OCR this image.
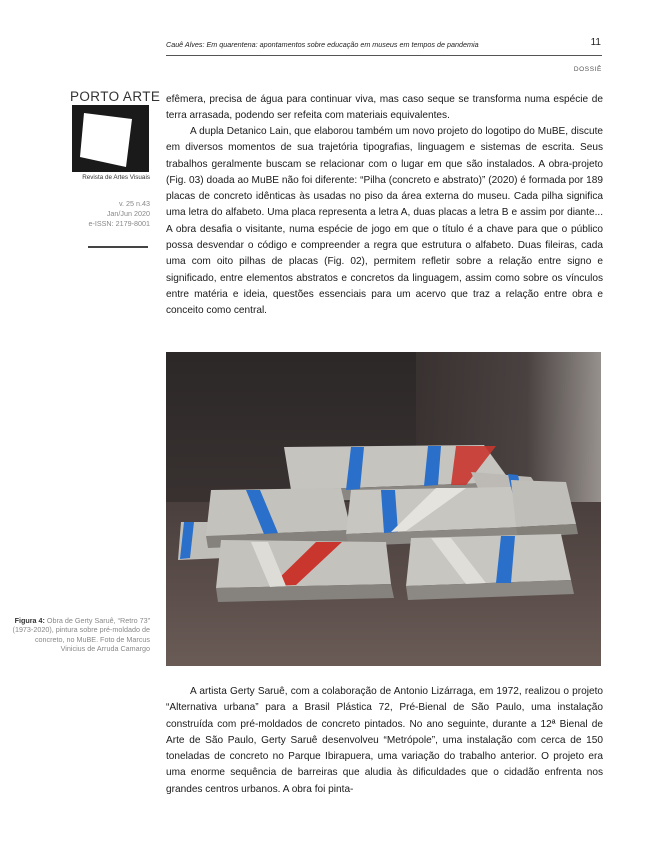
Cauê Alves: Em quarentena: apontamentos sobre educação em museus em tempos de pandemia	11
DOSSIÊ
PORTO ARTE
Revista de Artes Visuais
v. 25 n.43
Jan/Jun 2020
e-ISSN: 2179-8001

efêmera, precisa de água para continuar viva, mas caso seque se transforma numa espécie de terra arrasada, podendo ser refeita com materiais equivalentes.

A dupla Detanico Lain, que elaborou também um novo projeto do logotipo do MuBE, discute em diversos momentos de sua trajetória tipografias, linguagem e sistemas de escrita. Seus trabalhos geralmente buscam se relacionar com o lugar em que são instalados. A obra-projeto (Fig. 03) doada ao MuBE não foi diferente: “Pilha (concreto e abstrato)” (2020) é formada por 189 placas de concreto idênticas às usadas no piso da área externa do museu. Cada pilha significa uma letra do alfabeto. Uma placa representa a letra A, duas placas a letra B e assim por diante... A obra desafia o visitante, numa espécie de jogo em que o título é a chave para que o público possa desvendar o código e compreender a regra que estrutura o alfabeto. Duas fileiras, cada uma com oito pilhas de placas (Fig. 02), permitem refletir sobre a relação entre signo e significado, entre elementos abstratos e concretos da linguagem, assim como sobre os vínculos entre matéria e ideia, questões essenciais para um acervo que traz a relação entre obra e conceito como central.

Figura 4: Obra de Gerty Saruê, “Retro 73” (1973-2020), pintura sobre pré-moldado de concreto, no MuBE. Foto de Marcus Vinicius de Arruda Camargo

A artista Gerty Saruê, com a colaboração de Antonio Lizárraga, em 1972, realizou o projeto “Alternativa urbana” para a Brasil Plástica 72, Pré-Bienal de São Paulo, uma instalação construída com pré-moldados de concreto pintados. No ano seguinte, durante a 12ª Bienal de Arte de São Paulo, Gerty Saruê desenvolveu “Metrópole”, uma instalação com cerca de 150 toneladas de concreto no Parque Ibirapuera, uma variação do trabalho anterior. O projeto era uma enorme sequência de barreiras que aludia às dificuldades que o cidadão enfrenta nos grandes centros urbanos. A obra foi pinta-
